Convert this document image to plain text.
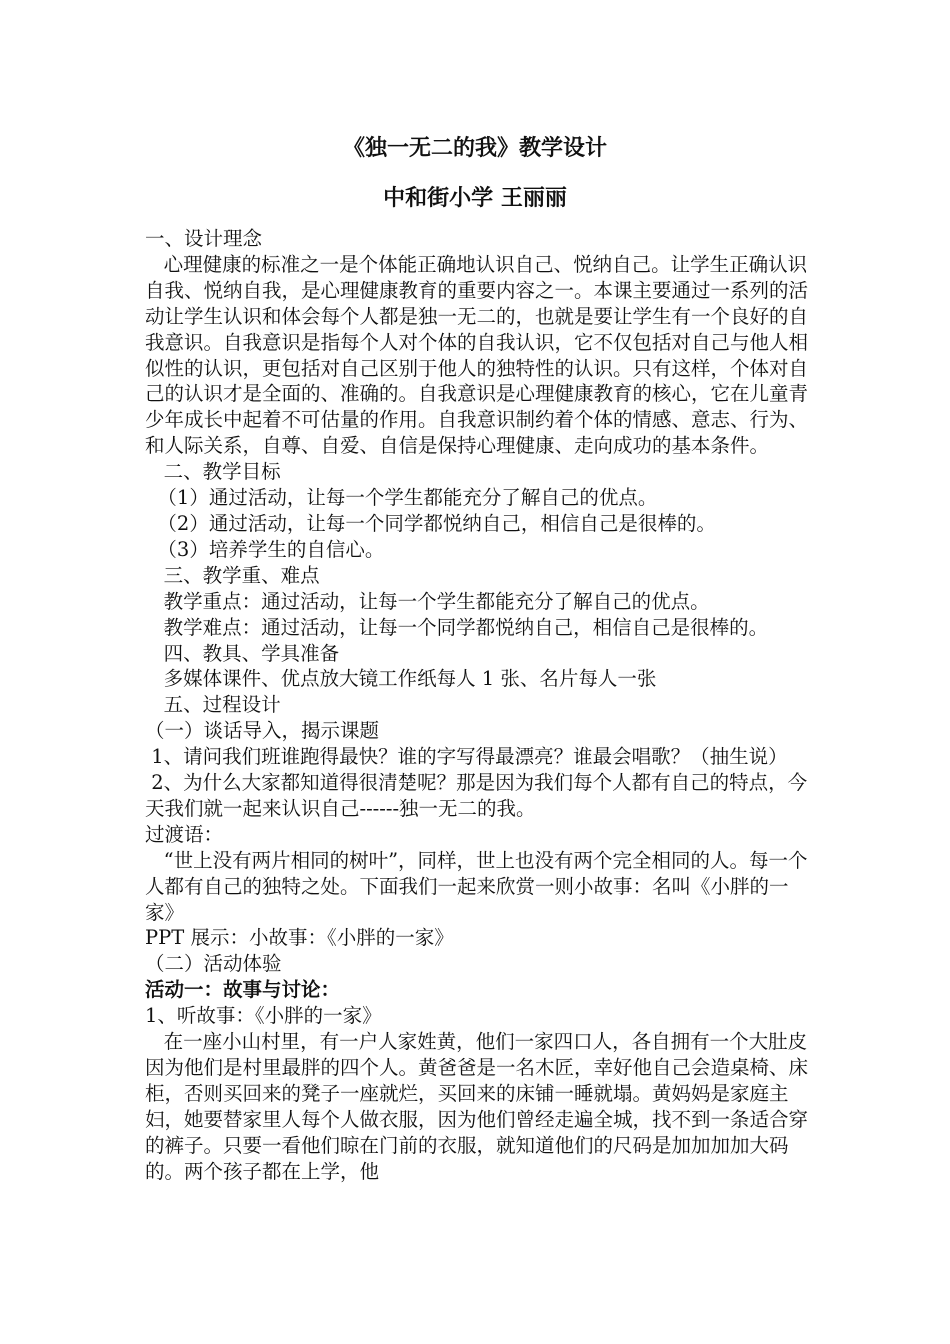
《独一无二的我》教学设计
中和街小学 王丽丽

一、设计理念

心理健康的标准之一是个体能正确地认识自己、悦纳自己。让学生正确认识自我、悦纳自我，是心理健康教育的重要内容之一。本课主要通过一系列的活动让学生认识和体会每个人都是独一无二的，也就是要让学生有一个良好的自我意识。自我意识是指每个人对个体的自我认识，它不仅包括对自己与他人相似性的认识，更包括对自己区别于他人的独特性的认识。只有这样，个体对自己的认识才是全面的、准确的。自我意识是心理健康教育的核心，它在儿童青少年成长中起着不可估量的作用。自我意识制约着个体的情感、意志、行为、和人际关系，自尊、自爱、自信是保持心理健康、走向成功的基本条件。

二、教学目标

（1）通过活动，让每一个学生都能充分了解自己的优点。

（2）通过活动，让每一个同学都悦纳自己，相信自己是很棒的。

（3）培养学生的自信心。

三、教学重、难点

教学重点：通过活动，让每一个学生都能充分了解自己的优点。

教学难点：通过活动，让每一个同学都悦纳自己，相信自己是很棒的。

四、教具、学具准备

多媒体课件、优点放大镜工作纸每人 1 张、名片每人一张

五、过程设计

（一）谈话导入，揭示课题

1、请问我们班谁跑得最快？谁的字写得最漂亮？谁最会唱歌？（抽生说）

2、为什么大家都知道得很清楚呢？那是因为我们每个人都有自己的特点，今天我们就一起来认识自己------独一无二的我。

过渡语：

“世上没有两片相同的树叶”，同样，世上也没有两个完全相同的人。每一个人都有自己的独特之处。下面我们一起来欣赏一则小故事：名叫《小胖的一家》

PPT 展示：小故事：《小胖的一家》

（二）活动体验

活动一：故事与讨论：

1、听故事：《小胖的一家》

在一座小山村里，有一户人家姓黄，他们一家四口人，各自拥有一个大肚皮因为他们是村里最胖的四个人。黄爸爸是一名木匠，幸好他自己会造桌椅、床柜，否则买回来的凳子一座就烂，买回来的床铺一睡就塌。黄妈妈是家庭主妇，她要替家里人每个人做衣服，因为他们曾经走遍全城，找不到一条适合穿的裤子。只要一看他们晾在门前的衣服，就知道他们的尺码是加加加加大码的。两个孩子都在上学，他
